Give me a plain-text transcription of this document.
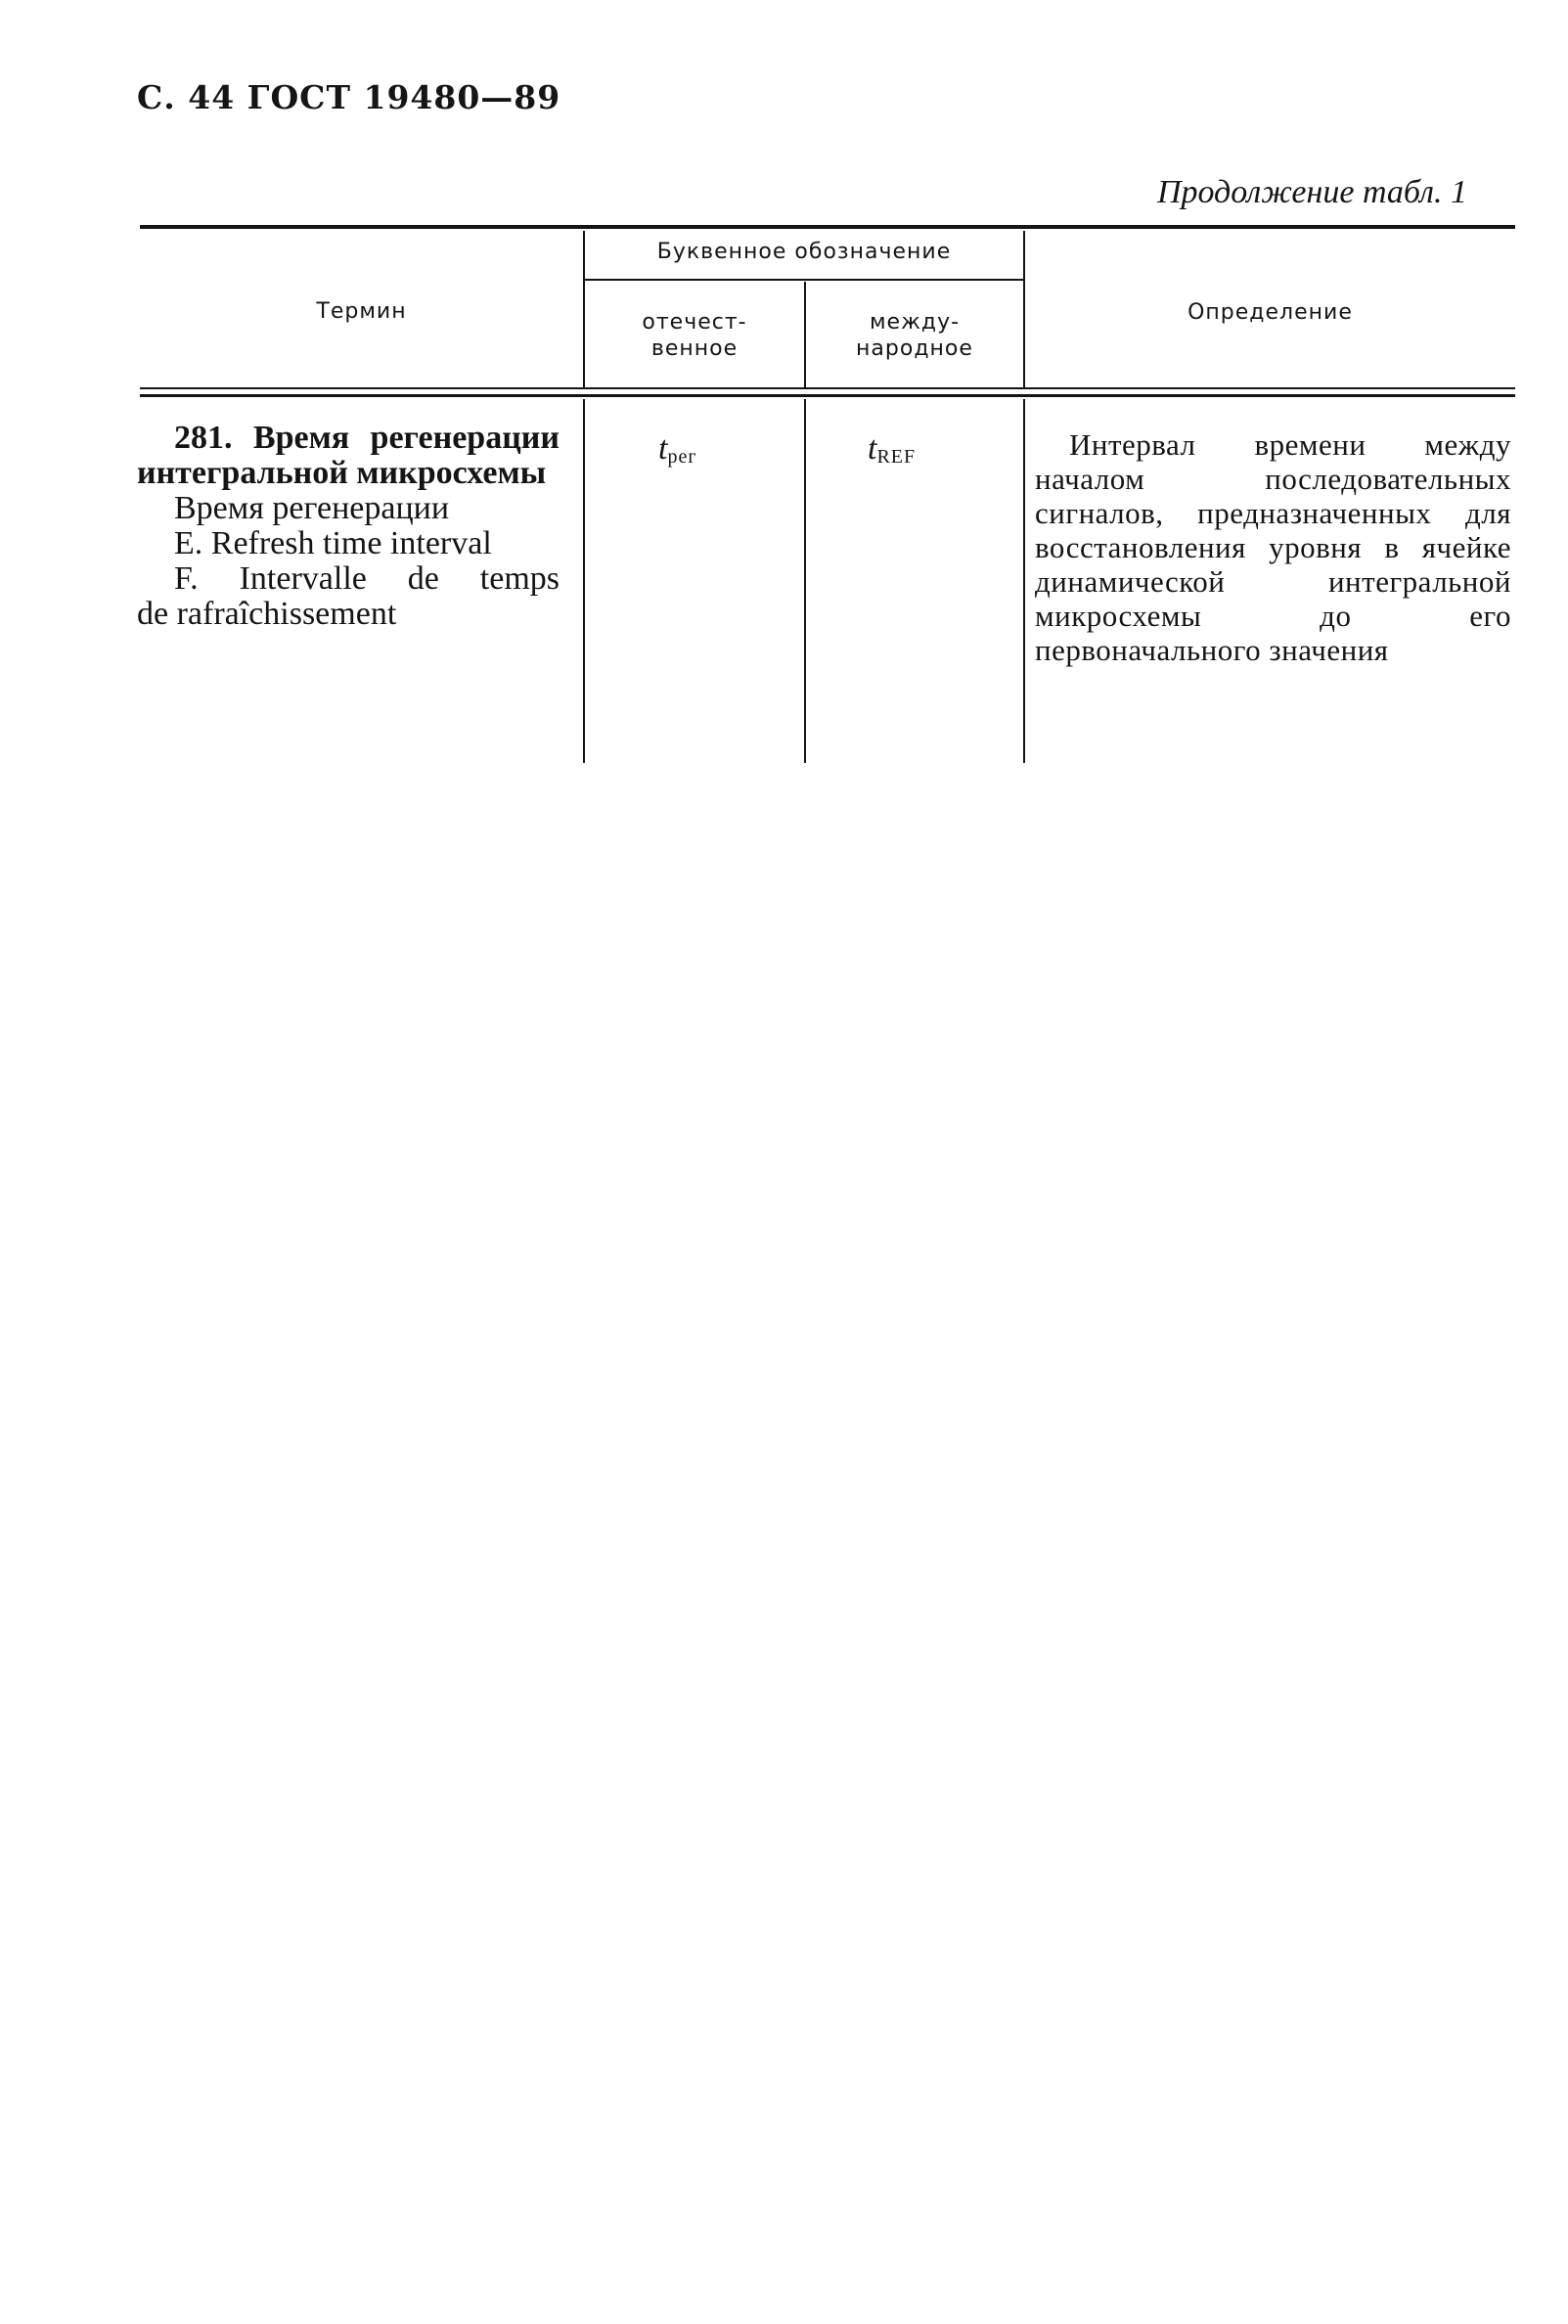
С. 44 ГОСТ 19480—89
Продолжение табл. 1
Термин
Буквенное обозначение
отечест-
венное
между-
народное
Определение

281. Время регенерации интегральной микросхемы

Время регенерации

E. Refresh time interval

F. Intervalle de temps

de rafraîchissement

$t_{рег}$	$t_{REF}$	Интервал времени между началом последовательных сигналов, предназначенных для восстановления уровня в ячейке динамической интегральной микросхемы до его первоначального значения
